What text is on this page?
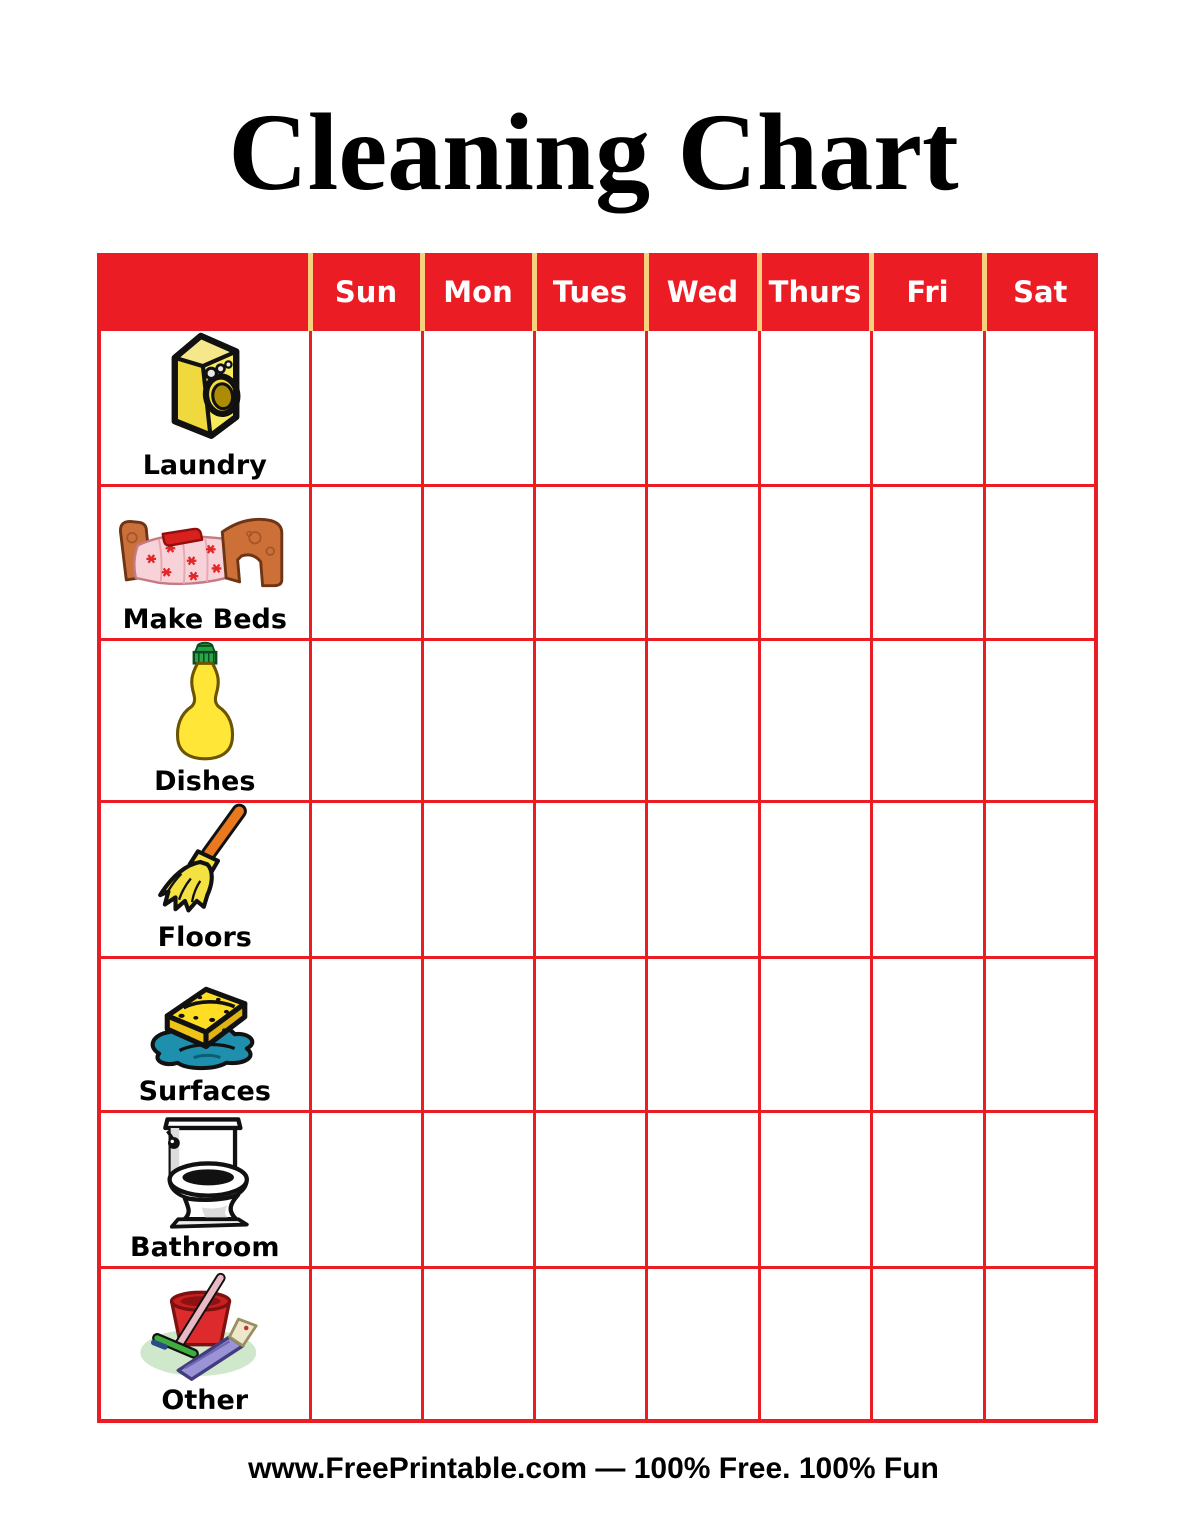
Cleaning Chart
	Sun	Mon	Tues	Wed	Thurs	Fri	Sat

Laundry							

Make Beds							

Dishes							

Floors							

Surfaces							

Bathroom							

Other							

www.FreePrintable.com — 100% Free. 100% Fun
